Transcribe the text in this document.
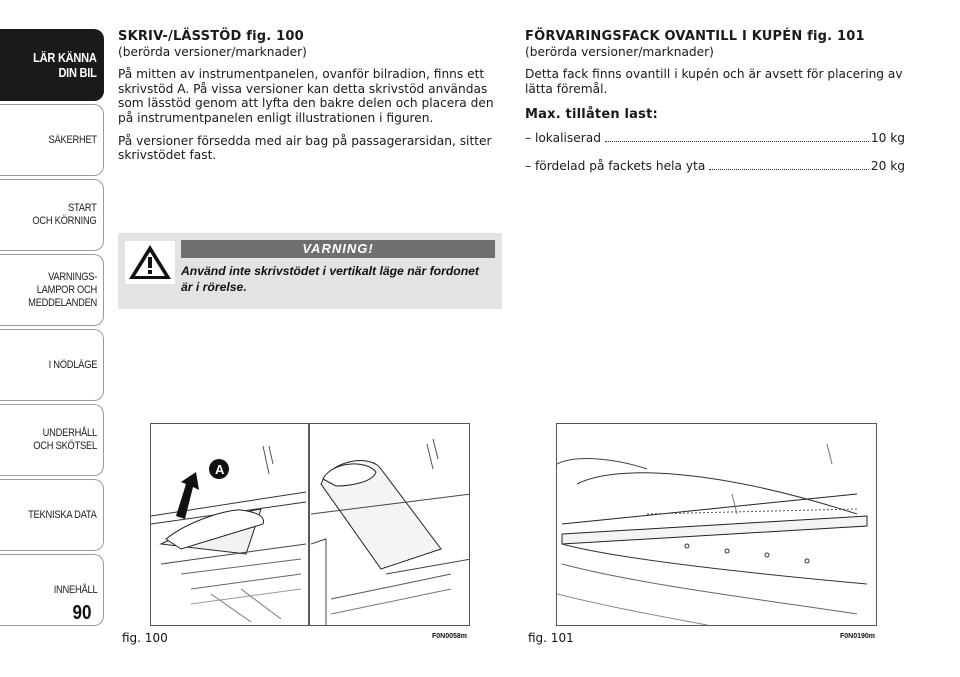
LÄR KÄNNA
DIN BIL
SÄKERHET
START
OCH KÖRNING
VARNINGS-
LAMPOR OCH
MEDDELANDEN
I NÖDLÄGE
UNDERHÅLL
OCH SKÖTSEL
TEKNISKA DATA
INNEHÅLL
90
SKRIV-/LÄSSTÖD fig. 100
(berörda versioner/marknader)
På mitten av instrumentpanelen, ovanför bilradion, finns ett skrivstöd A. På vissa versioner kan detta skrivstöd användas som lässtöd genom att lyfta den bakre delen och placera den på instrumentpanelen enligt illustrationen i figuren.
På versioner försedda med air bag på passagerarsidan, sitter skrivstödet fast.
VARNING!
Använd inte skrivstödet i vertikalt läge när fordonet är i rörelse.
FÖRVARINGSFACK OVANTILL I KUPÉN fig. 101
(berörda versioner/marknader)
Detta fack finns ovantill i kupén och är avsett för placering av lätta föremål.
Max. tillåten last:
– lokaliserad	10 kg
– fördelad på fackets hela yta	20 kg
A
fig. 100	F0N0058m	fig. 101	F0N0190m
